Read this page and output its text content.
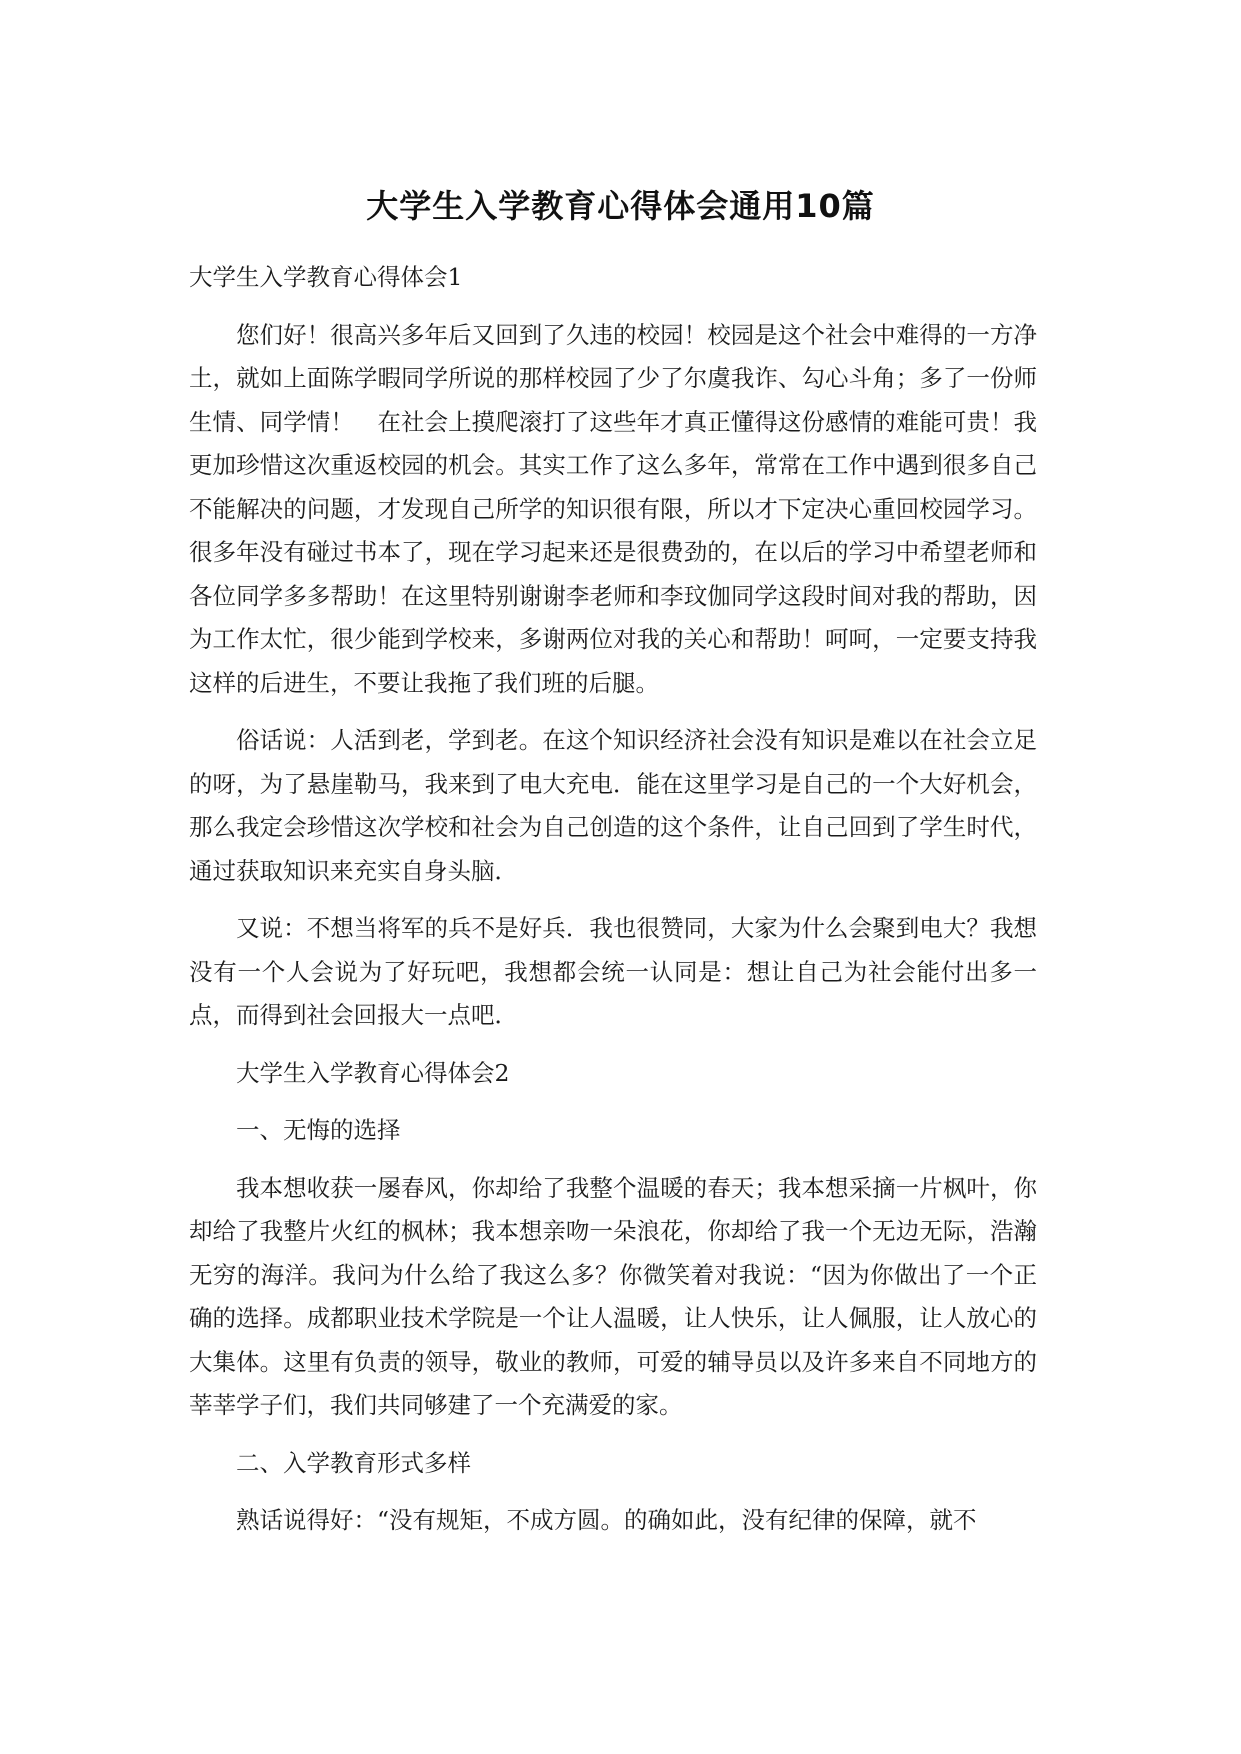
大学生入学教育心得体会通用10篇

大学生入学教育心得体会1

您们好！很高兴多年后又回到了久违的校园！校园是这个社会中难得的一方净土，就如上面陈学暇同学所说的那样校园了少了尔虞我诈、勾心斗角；多了一份师生情、同学情！　在社会上摸爬滚打了这些年才真正懂得这份感情的难能可贵！我更加珍惜这次重返校园的机会。其实工作了这么多年，常常在工作中遇到很多自己不能解决的问题，才发现自己所学的知识很有限，所以才下定决心重回校园学习。很多年没有碰过书本了，现在学习起来还是很费劲的，在以后的学习中希望老师和各位同学多多帮助！在这里特别谢谢李老师和李玟伽同学这段时间对我的帮助，因为工作太忙，很少能到学校来，多谢两位对我的关心和帮助！呵呵，一定要支持我这样的后进生，不要让我拖了我们班的后腿。

俗话说：人活到老，学到老。在这个知识经济社会没有知识是难以在社会立足的呀，为了悬崖勒马，我来到了电大充电．能在这里学习是自己的一个大好机会，那么我定会珍惜这次学校和社会为自己创造的这个条件，让自己回到了学生时代，通过获取知识来充实自身头脑．

又说：不想当将军的兵不是好兵．我也很赞同，大家为什么会聚到电大？我想没有一个人会说为了好玩吧，我想都会统一认同是：想让自己为社会能付出多一点，而得到社会回报大一点吧．

大学生入学教育心得体会2

一、无悔的选择

我本想收获一屡春风，你却给了我整个温暖的春天；我本想采摘一片枫叶，你却给了我整片火红的枫林；我本想亲吻一朵浪花，你却给了我一个无边无际，浩瀚无穷的海洋。我问为什么给了我这么多？你微笑着对我说：“因为你做出了一个正确的选择。成都职业技术学院是一个让人温暖，让人快乐，让人佩服，让人放心的大集体。这里有负责的领导，敬业的教师，可爱的辅导员以及许多来自不同地方的莘莘学子们，我们共同够建了一个充满爱的家。

二、入学教育形式多样

熟话说得好：“没有规矩，不成方圆。的确如此，没有纪律的保障，就不
